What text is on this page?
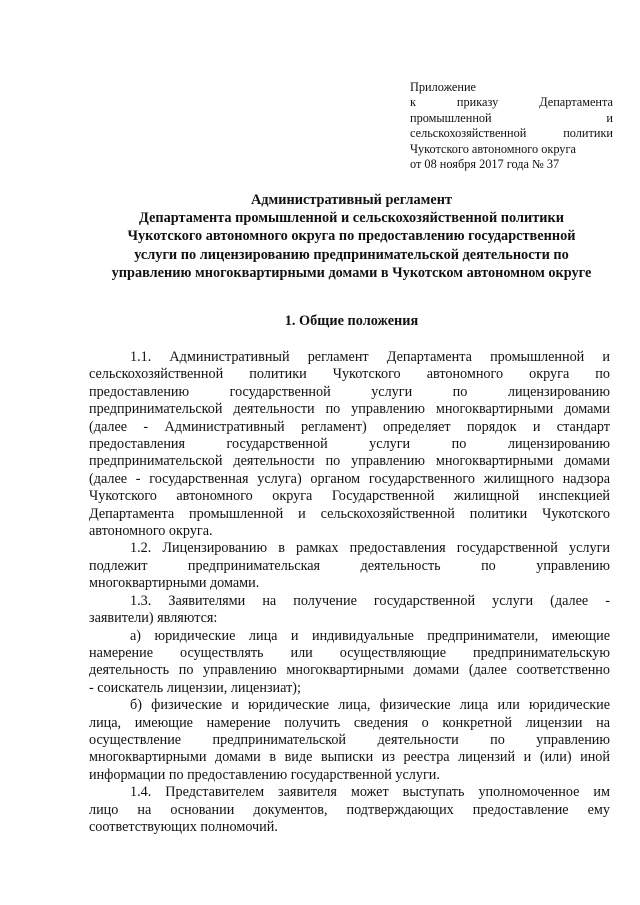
Приложение
к приказу Департамента
промышленной и
сельскохозяйственной политики
Чукотского автономного округа
от 08 ноября 2017 года № 37
Административный регламент
Департамента промышленной и сельскохозяйственной политики
Чукотского автономного округа по предоставлению государственной
услуги по лицензированию предпринимательской деятельности по
управлению многоквартирными домами в Чукотском автономном округе
1. Общие положения
1.1. Административный регламент Департамента промышленной и
сельскохозяйственной политики Чукотского автономного округа по
предоставлению государственной услуги по лицензированию
предпринимательской деятельности по управлению многоквартирными домами
(далее - Административный регламент) определяет порядок и стандарт
предоставления государственной услуги по лицензированию
предпринимательской деятельности по управлению многоквартирными домами
(далее - государственная услуга) органом государственного жилищного надзора
Чукотского автономного округа Государственной жилищной инспекцией
Департамента промышленной и сельскохозяйственной политики Чукотского
автономного округа.
1.2. Лицензированию в рамках предоставления государственной услуги
подлежит предпринимательская деятельность по управлению
многоквартирными домами.
1.3. Заявителями на получение государственной услуги (далее -
заявители) являются:
а) юридические лица и индивидуальные предприниматели, имеющие
намерение осуществлять или осуществляющие предпринимательскую
деятельность по управлению многоквартирными домами (далее соответственно
- соискатель лицензии, лицензиат);
б) физические и юридические лица, физические лица или юридические
лица, имеющие намерение получить сведения о конкретной лицензии на
осуществление предпринимательской деятельности по управлению
многоквартирными домами в виде выписки из реестра лицензий и (или) иной
информации по предоставлению государственной услуги.
1.4. Представителем заявителя может выступать уполномоченное им
лицо на основании документов, подтверждающих предоставление ему
соответствующих полномочий.
